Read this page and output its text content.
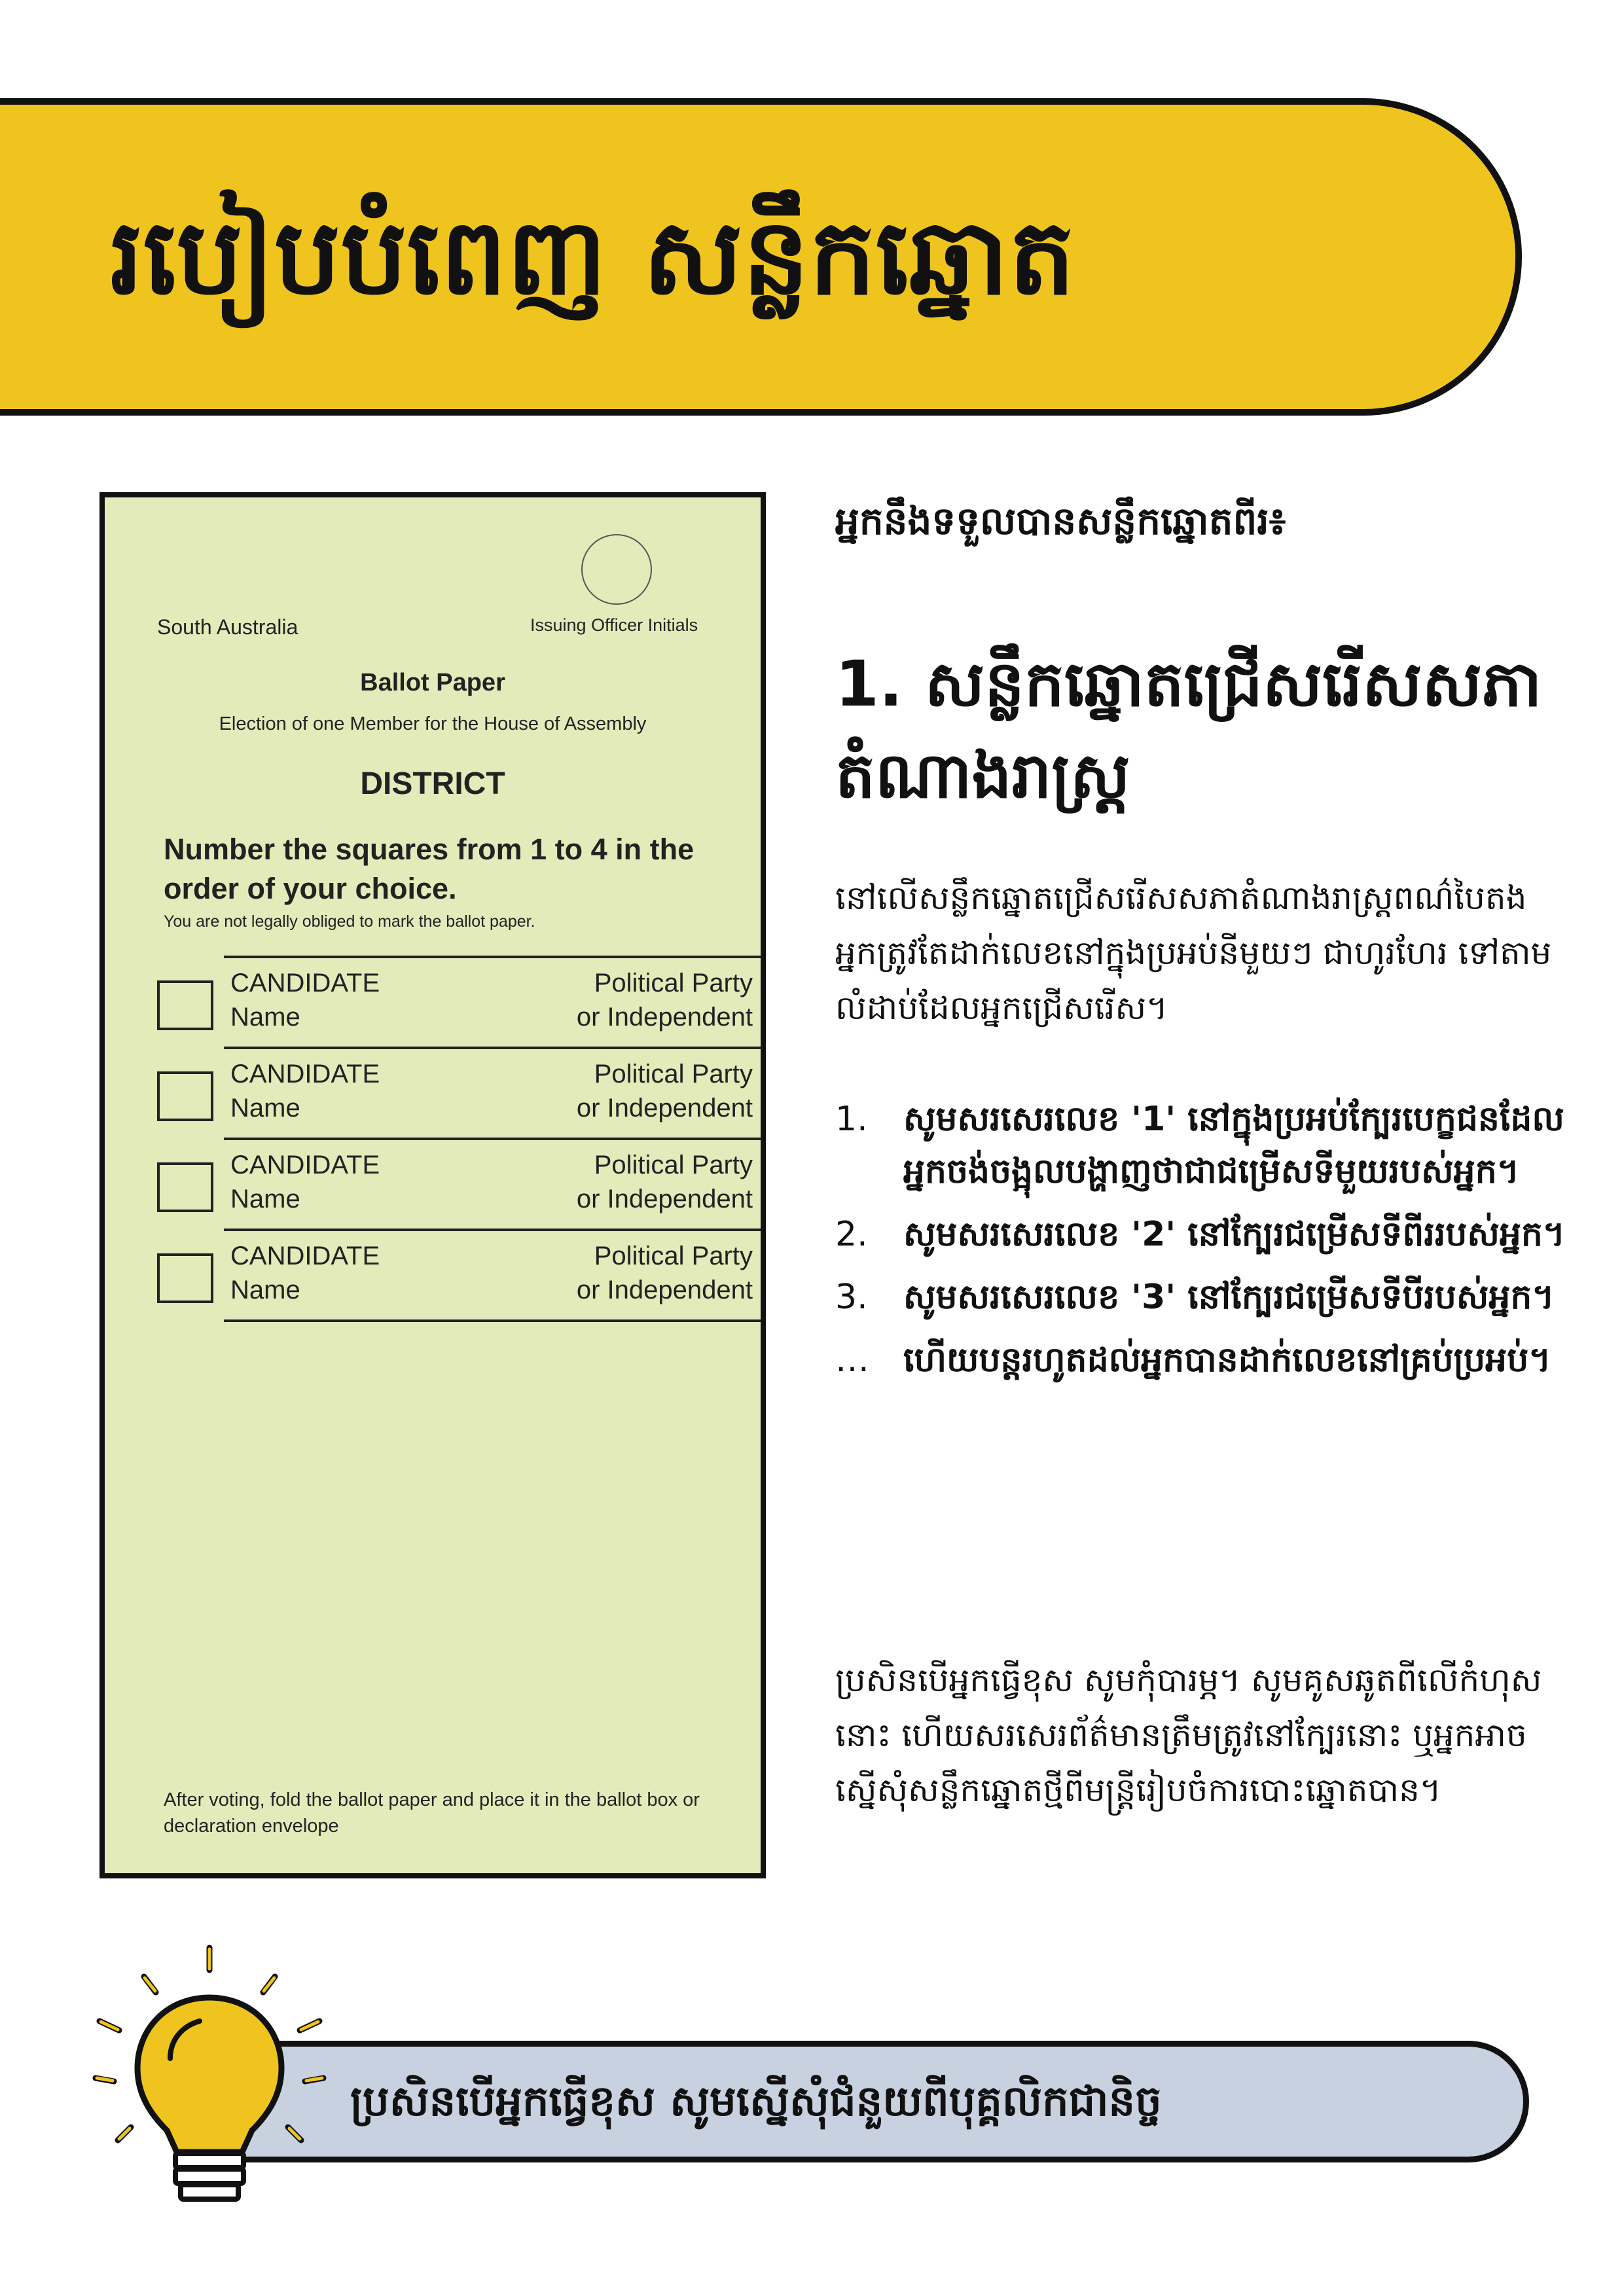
របៀបបំពេញ សន្លឹកឆ្នោត
South Australia	Issuing Officer Initials
Ballot Paper
Election of one Member for the House of Assembly
DISTRICT
Number the squares from 1 to 4 in the order of your choice.
You are not legally obliged to mark the ballot paper.
CANDIDATE
Name
Political Party
or Independent
CANDIDATE
Name
Political Party
or Independent
CANDIDATE
Name
Political Party
or Independent
CANDIDATE
Name
Political Party
or Independent
After voting, fold the ballot paper and place it in the ballot box or declaration envelope
អ្នកនឹងទទួលបានសន្លឹកឆ្នោតពីរ៖
1. សន្លឹកឆ្នោតជ្រើសរើសសភាតំណាងរាស្ត្រ
នៅលើសន្លឹកឆ្នោតជ្រើសរើសសភាតំណាងរាស្ត្រពណ៌បៃតង អ្នកត្រូវតែដាក់លេខនៅក្នុងប្រអប់នីមួយៗ ជាហូរហែរ ទៅតាមលំដាប់ដែលអ្នកជ្រើសរើស។
1. សូមសរសេរលេខ '1' នៅក្នុងប្រអប់ក្បែរបេក្ខជនដែលអ្នកចង់ចង្អុលបង្ហាញថាជាជម្រើសទីមួយរបស់អ្នក។
2. សូមសរសេរលេខ '2' នៅក្បែរជម្រើសទីពីររបស់អ្នក។
3. សូមសរសេរលេខ '3' នៅក្បែរជម្រើសទីបីរបស់អ្នក។
… ហើយបន្តរហូតដល់អ្នកបានដាក់លេខនៅគ្រប់ប្រអប់។
ប្រសិនបើអ្នកធ្វើខុស សូមកុំបារម្ភ។ សូមគូសឆូតពីលើកំហុសនោះ ហើយសរសេរព័ត៌មានត្រឹមត្រូវនៅក្បែរនោះ ឬអ្នកអាចស្នើសុំសន្លឹកឆ្នោតថ្មីពីមន្ត្រីរៀបចំការបោះឆ្នោតបាន។
ប្រសិនបើអ្នកធ្វើខុស សូមស្នើសុំជំនួយពីបុគ្គលិកជានិច្ច
